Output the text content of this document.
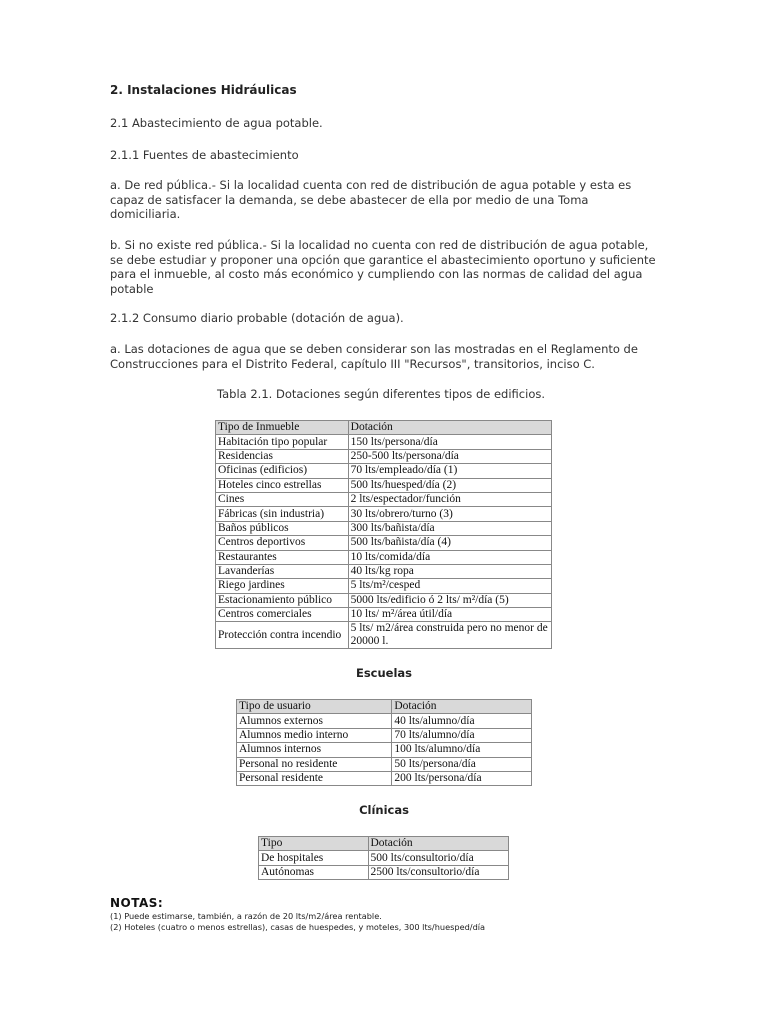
2. Instalaciones Hidráulicas
2.1 Abastecimiento de agua potable.
2.1.1 Fuentes de abastecimiento
a. De red pública.- Si la localidad cuenta con red de distribución de agua potable y esta es
capaz de satisfacer la demanda, se debe abastecer de ella por medio de una Toma
domiciliaria.
b. Si no existe red pública.- Si la localidad no cuenta con red de distribución de agua potable,
se debe estudiar y proponer una opción que garantice el abastecimiento oportuno y suficiente
para el inmueble, al costo más económico y cumpliendo con las normas de calidad del agua
potable
2.1.2 Consumo diario probable (dotación de agua).
a. Las dotaciones de agua que se deben considerar son las mostradas en el Reglamento de
Construcciones para el Distrito Federal, capítulo III "Recursos", transitorios, inciso C.
Tabla 2.1. Dotaciones según diferentes tipos de edificios.
Tipo de Inmueble	Dotación
Habitación tipo popular	150 lts/persona/día
Residencias	250-500 lts/persona/día
Oficinas (edificios)	70 lts/empleado/día (1)
Hoteles cinco estrellas	500 lts/huesped/día (2)
Cines	2 lts/espectador/función
Fábricas (sin industria)	30 lts/obrero/turno (3)
Baños públicos	300 lts/bañista/día
Centros deportivos	500 lts/bañista/día (4)
Restaurantes	10 lts/comida/día
Lavanderías	40 lts/kg ropa
Riego jardines	5 lts/m²/cesped
Estacionamiento público	5000 lts/edificio ó 2 lts/ m²/día (5)
Centros comerciales	10 lts/ m²/área útil/día
Protección contra incendio	5 lts/ m2/área construida pero no menor de 20000 l.
Escuelas
Tipo de usuario	Dotación
Alumnos externos	40 lts/alumno/día
Alumnos medio interno	70 lts/alumno/día
Alumnos internos	100 lts/alumno/día
Personal no residente	50 lts/persona/día
Personal residente	200 lts/persona/día
Clínicas
Tipo	Dotación
De hospitales	500 lts/consultorio/día
Autónomas	2500 lts/consultorio/día
NOTAS:
(1) Puede estimarse, también, a razón de 20 lts/m2/área rentable.
(2) Hoteles (cuatro o menos estrellas), casas de huespedes, y moteles, 300 lts/huesped/día
